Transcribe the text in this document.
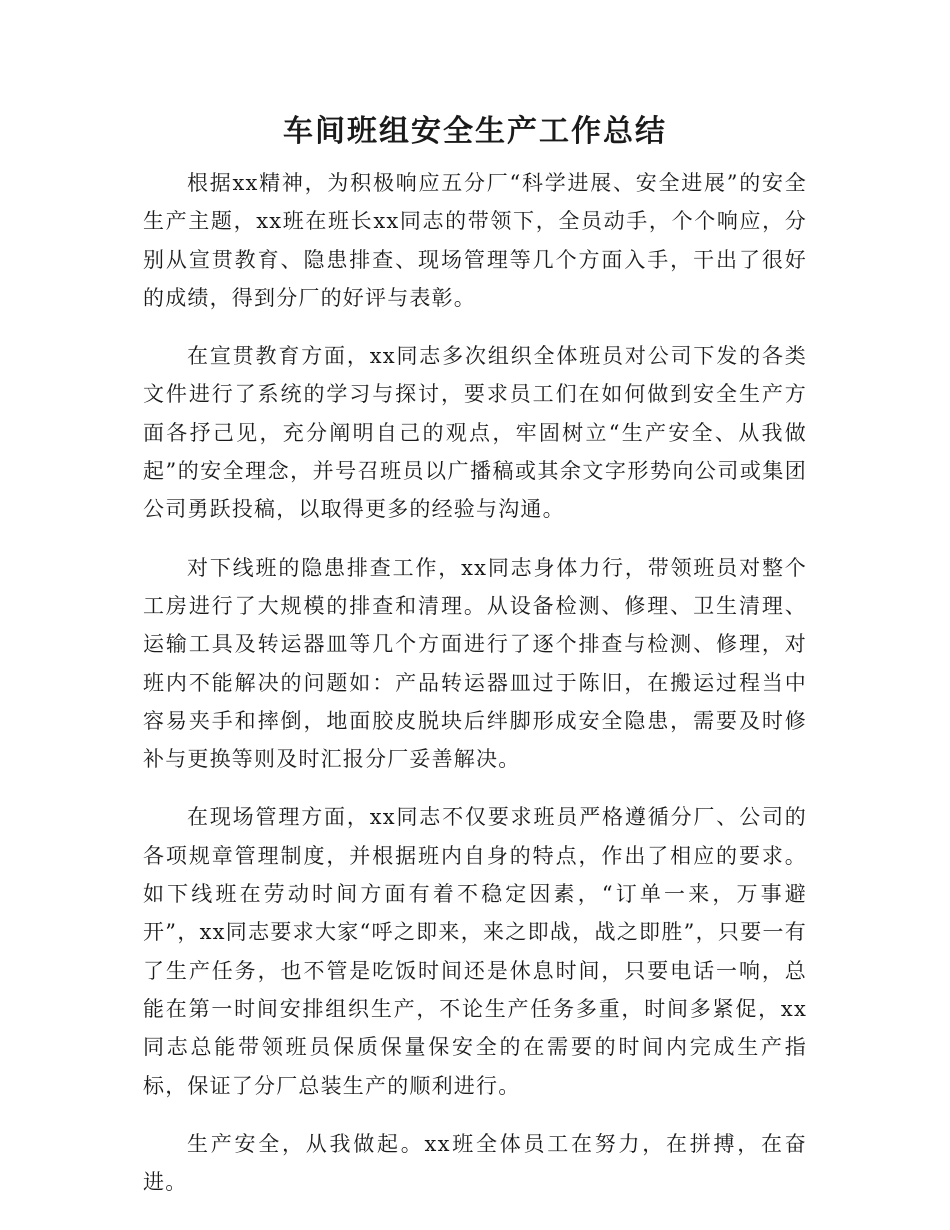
车间班组安全生产工作总结

根据xx精神，为积极响应五分厂“科学进展、安全进展”的安全生产主题，xx班在班长xx同志的带领下，全员动手，个个响应，分别从宣贯教育、隐患排查、现场管理等几个方面入手，干出了很好的成绩，得到分厂的好评与表彰。

在宣贯教育方面，xx同志多次组织全体班员对公司下发的各类文件进行了系统的学习与探讨，要求员工们在如何做到安全生产方面各抒己见，充分阐明自己的观点，牢固树立“生产安全、从我做起”的安全理念，并号召班员以广播稿或其余文字形势向公司或集团公司勇跃投稿，以取得更多的经验与沟通。

对下线班的隐患排查工作，xx同志身体力行，带领班员对整个工房进行了大规模的排查和清理。从设备检测、修理、卫生清理、运输工具及转运器皿等几个方面进行了逐个排查与检测、修理，对班内不能解决的问题如：产品转运器皿过于陈旧，在搬运过程当中容易夹手和摔倒，地面胶皮脱块后绊脚形成安全隐患，需要及时修补与更换等则及时汇报分厂妥善解决。

在现场管理方面，xx同志不仅要求班员严格遵循分厂、公司的各项规章管理制度，并根据班内自身的特点，作出了相应的要求。如下线班在劳动时间方面有着不稳定因素，“订单一来，万事避开”，xx同志要求大家“呼之即来，来之即战，战之即胜”，只要一有了生产任务，也不管是吃饭时间还是休息时间，只要电话一响，总能在第一时间安排组织生产，不论生产任务多重，时间多紧促，xx同志总能带领班员保质保量保安全的在需要的时间内完成生产指标，保证了分厂总装生产的顺利进行。

生产安全，从我做起。xx班全体员工在努力，在拼搏，在奋进。
